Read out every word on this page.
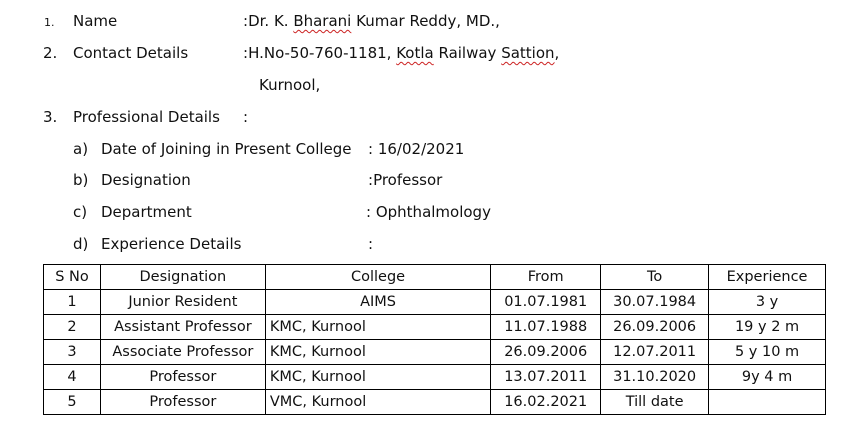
1. Name	:Dr. K. Bharani Kumar Reddy, MD.,
2. Contact Details	:H.No-50-760-1181, Kotla Railway Sattion,
Kurnool,
3. Professional Details :
a) Date of Joining in Present College : 16/02/2021
b) Designation	:Professor
c) Department	: Ophthalmology
d) Experience Details	:
S No	Designation	College	From	To	Experience
1	Junior Resident	AIMS	01.07.1981	30.07.1984	3 y
2	Assistant Professor	KMC, Kurnool	11.07.1988	26.09.2006	19 y 2 m
3	Associate Professor	KMC, Kurnool	26.09.2006	12.07.2011	5 y 10 m
4	Professor	KMC, Kurnool	13.07.2011	31.10.2020	9y 4 m
5	Professor	VMC, Kurnool	16.02.2021	Till date	
